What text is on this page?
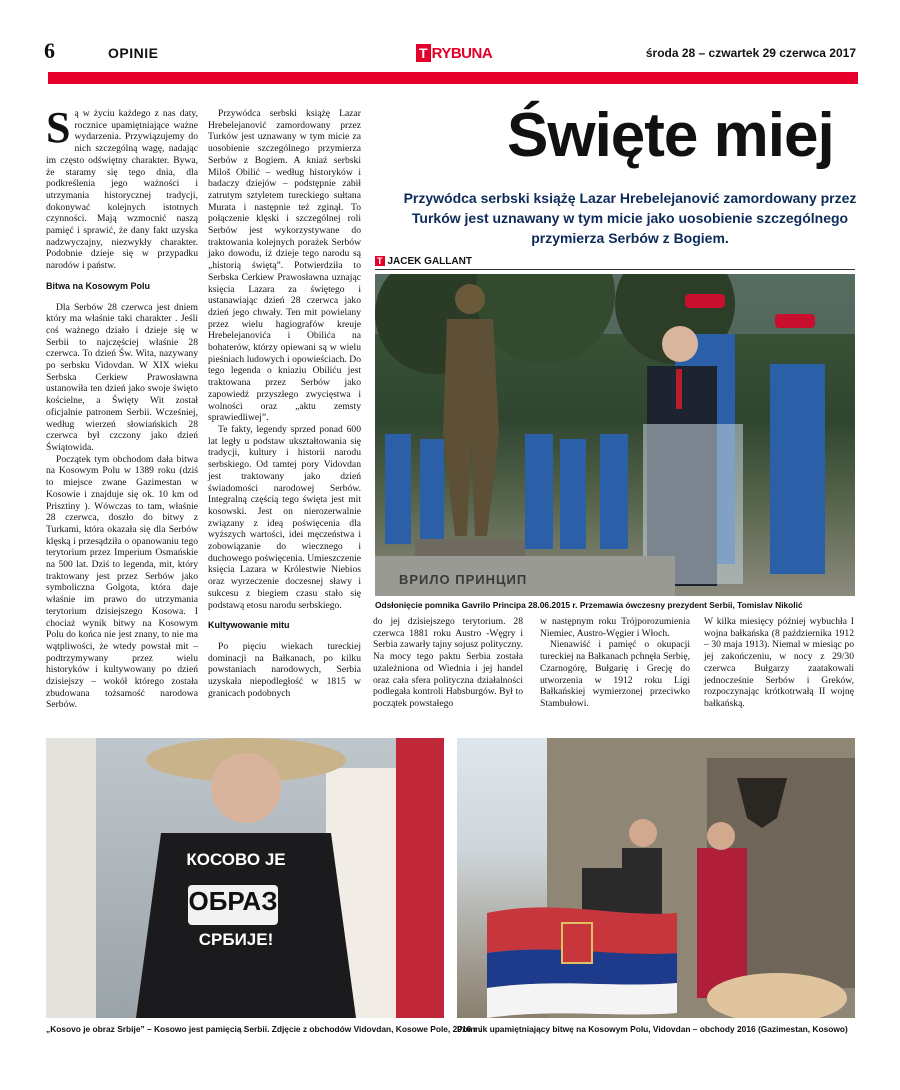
6	OPINIE	T RYBUNA	środa 28 – czwartek 29 czerwca 2017
S ą w życiu każdego z nas daty, rocznice upamiętniające ważne wydarzenia. Przywiązujemy do nich szczególną wagę, nadając im często odświętny charakter. Bywa, że staramy się tego dnia, dla podkreślenia jego ważności i utrzymania historycznej tradycji, dokonywać kolejnych istotnych czynności. Mają wzmocnić naszą pamięć i sprawić, że dany fakt uzyska nadzwyczajny, niezwykły charakter. Podobnie dzieje się w przypadku narodów i państw.

Bitwa na Kosowym Polu

Dla Serbów 28 czerwca jest dniem który ma właśnie taki charakter . Jeśli coś ważnego działo i dzieje się w Serbii to najczęściej właśnie 28 czerwca. To dzień Św. Wita, nazywany po serbsku Vidovdan. W XIX wieku Serbska Cerkiew Prawosławna ustanowiła ten dzień jako swoje święto kościelne, a Święty Wit został oficjalnie patronem Serbii. Wcześniej, według wierzeń słowiańskich 28 czerwca był czczony jako dzień Świątowida.

Początek tym obchodom dała bitwa na Kosowym Polu w 1389 roku (dziś to miejsce zwane Gazimestan w Kosowie i znajduje się ok. 10 km od Prisztiny ). Wówczas to tam, właśnie 28 czerwca, doszło do bitwy z Turkami, która okazała się dla Serbów klęską i przesądziła o opanowaniu tego terytorium przez Imperium Osmańskie na 500 lat. Dziś to legenda, mit, który traktowany jest przez Serbów jako symboliczna Golgota, która daje właśnie im prawo do utrzymania terytorium dzisiejszego Kosowa. I chociaż wynik bitwy na Kosowym Polu do końca nie jest znany, to nie ma wątpliwości, że wtedy powstał mit – podtrzymywany przez wielu historyków i kultywowany po dzień dzisiejszy – wokół którego została zbudowana tożsamość narodowa Serbów.

Przywódca serbski książę Lazar Hrebelejanović zamordowany przez Turków jest uznawany w tym micie za uosobienie szczególnego przymierza Serbów z Bogiem. A kniaź serbski Miloš Obilić – według historyków i badaczy dziejów – podstępnie zabił zatrutym sztyletem tureckiego sułtana Murata i następnie też zginął. To połączenie klęski i szczególnej roli Serbów jest wykorzystywane do traktowania kolejnych porażek Serbów jako dowodu, iż dzieje tego narodu są „historią świętą”. Potwierdziła to Serbska Cerkiew Prawosławna uznając księcia Lazara za świętego i ustanawiając dzień 28 czerwca jako dzień jego chwały. Ten mit powielany przez wielu hagiografów kreuje Hrebelejanovića i Obilića na bohaterów, którzy opiewani są w wielu pieśniach ludowych i opowieściach. Do tego legenda o kniaziu Obiliću jest traktowana przez Serbów jako zapowiedź przyszłego zwycięstwa i wolności oraz „aktu zemsty sprawiedliwej”.

Te fakty, legendy sprzed ponad 600 lat legły u podstaw ukształtowania się tradycji, kultury i historii narodu serbskiego. Od tamtej pory Vidovdan jest traktowany jako dzień świadomości narodowej Serbów. Integralną częścią tego święta jest mit kosowski. Jest on nierozerwalnie związany z ideą poświęcenia dla wyższych wartości, idei męczeństwa i zobowiązanie do wiecznego i duchowego poświęcenia. Umieszczenie księcia Lazara w Królestwie Niebios oraz wyrzeczenie doczesnej sławy i sukcesu z biegiem czasu stało się podstawą etosu narodu serbskiego.

Kultywowanie mitu

Po pięciu wiekach tureckiej dominacji na Bałkanach, po kilku powstaniach narodowych, Serbia uzyskała niepodległość w 1815 w granicach podobnych

Święte miej
Przywódca serbski książę Lazar Hrebelejanović zamordowany przez Turków jest uznawany w tym micie jako uosobienie szczególnego przymierza Serbów z Bogiem.
T JACEK GALLANT
ВРИЛО ПРИНЦИП
Odsłonięcie pomnika Gavrilo Principa 28.06.2015 r. Przemawia ówczesny prezydent Serbii, Tomislav Nikolić

do jej dzisiejszego terytorium. 28 czerwca 1881 roku Austro -Węgry i Serbia zawarły tajny sojusz polityczny. Na mocy tego paktu Serbia została uzależniona od Wiednia i jej handel oraz cała sfera polityczna działalności podlegała kontroli Habsburgów. Był to początek powstałego

w następnym roku Trójporozumienia Niemiec, Austro-Węgier i Włoch.

Nienawiść i pamięć o okupacji tureckiej na Bałkanach pchnęła Serbię, Czarnogórę, Bułgarię i Grecję do utworzenia w 1912 roku Ligi Bałkańskiej wymierzonej przeciwko Stambułowi.

W kilka miesięcy później wybuchła I wojna bałkańska (8 października 1912 – 30 maja 1913). Niemal w miesiąc po jej zakończeniu, w nocy z 29/30 czerwca Bułgarzy zaatakowali jednocześnie Serbów i Greków, rozpoczynając krótkotrwałą II wojnę bałkańską.

КОСОВО ЈЕ
ОБРАЗ
СРБИЈЕ!
„Kosovo je obraz Srbije” – Kosowo jest pamięcią Serbii. Zdjęcie z obchodów Vidovdan, Kosowe Pole, 2016 r .
Pomnik upamiętniający bitwę na Kosowym Polu, Vidovdan – obchody 2016 (Gazimestan, Kosowo)
